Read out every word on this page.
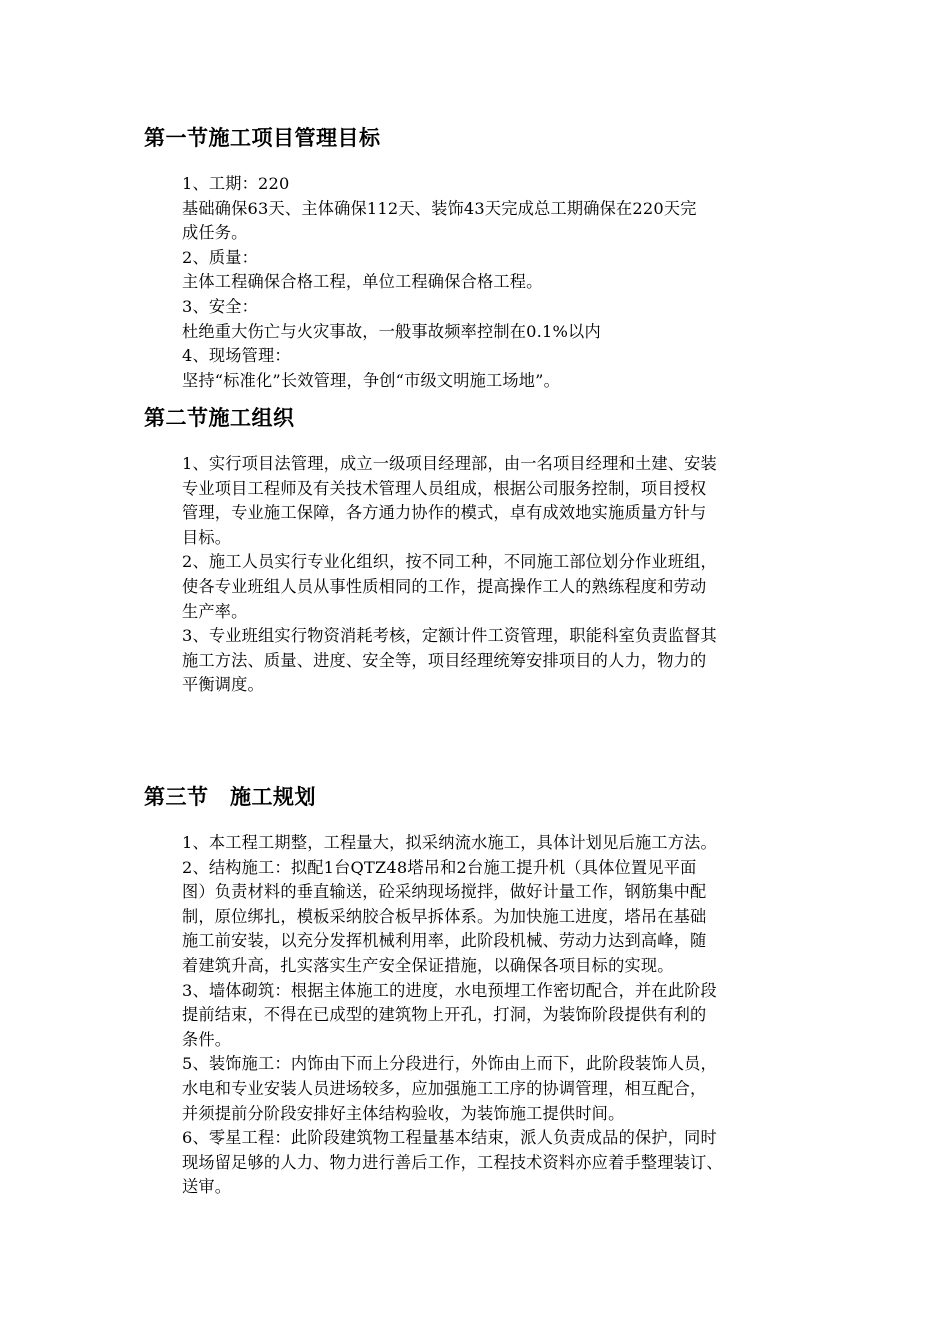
第一节施工项目管理目标
1、工期：220
基础确保63天、主体确保112天、装饰43天完成总工期确保在220天完
成任务。
2、质量：
主体工程确保合格工程，单位工程确保合格工程。
3、安全：
杜绝重大伤亡与火灾事故，一般事故频率控制在0.1%以内
4、现场管理：
坚持“标准化”长效管理，争创“市级文明施工场地”。
第二节施工组织
1、实行项目法管理，成立一级项目经理部，由一名项目经理和土建、安装
专业项目工程师及有关技术管理人员组成，根据公司服务控制，项目授权
管理，专业施工保障，各方通力协作的模式，卓有成效地实施质量方针与
目标。
2、施工人员实行专业化组织，按不同工种，不同施工部位划分作业班组，
使各专业班组人员从事性质相同的工作，提高操作工人的熟练程度和劳动
生产率。
3、专业班组实行物资消耗考核，定额计件工资管理，职能科室负责监督其
施工方法、质量、进度、安全等，项目经理统筹安排项目的人力，物力的
平衡调度。
第三节　施工规划
1、本工程工期整，工程量大，拟采纳流水施工，具体计划见后施工方法。
2、结构施工：拟配1台QTZ48塔吊和2台施工提升机（具体位置见平面
图）负责材料的垂直输送，砼采纳现场搅拌，做好计量工作，钢筋集中配
制，原位绑扎，模板采纳胶合板早拆体系。为加快施工进度，塔吊在基础
施工前安装，以充分发挥机械利用率，此阶段机械、劳动力达到高峰，随
着建筑升高，扎实落实生产安全保证措施，以确保各项目标的实现。
3、墙体砌筑：根据主体施工的进度，水电预埋工作密切配合，并在此阶段
提前结束，不得在已成型的建筑物上开孔，打洞，为装饰阶段提供有利的
条件。
5、装饰施工：内饰由下而上分段进行，外饰由上而下，此阶段装饰人员，
水电和专业安装人员进场较多，应加强施工工序的协调管理，相互配合，
并须提前分阶段安排好主体结构验收，为装饰施工提供时间。
6、零星工程：此阶段建筑物工程量基本结束，派人负责成品的保护，同时
现场留足够的人力、物力进行善后工作，工程技术资料亦应着手整理装订、
送审。
